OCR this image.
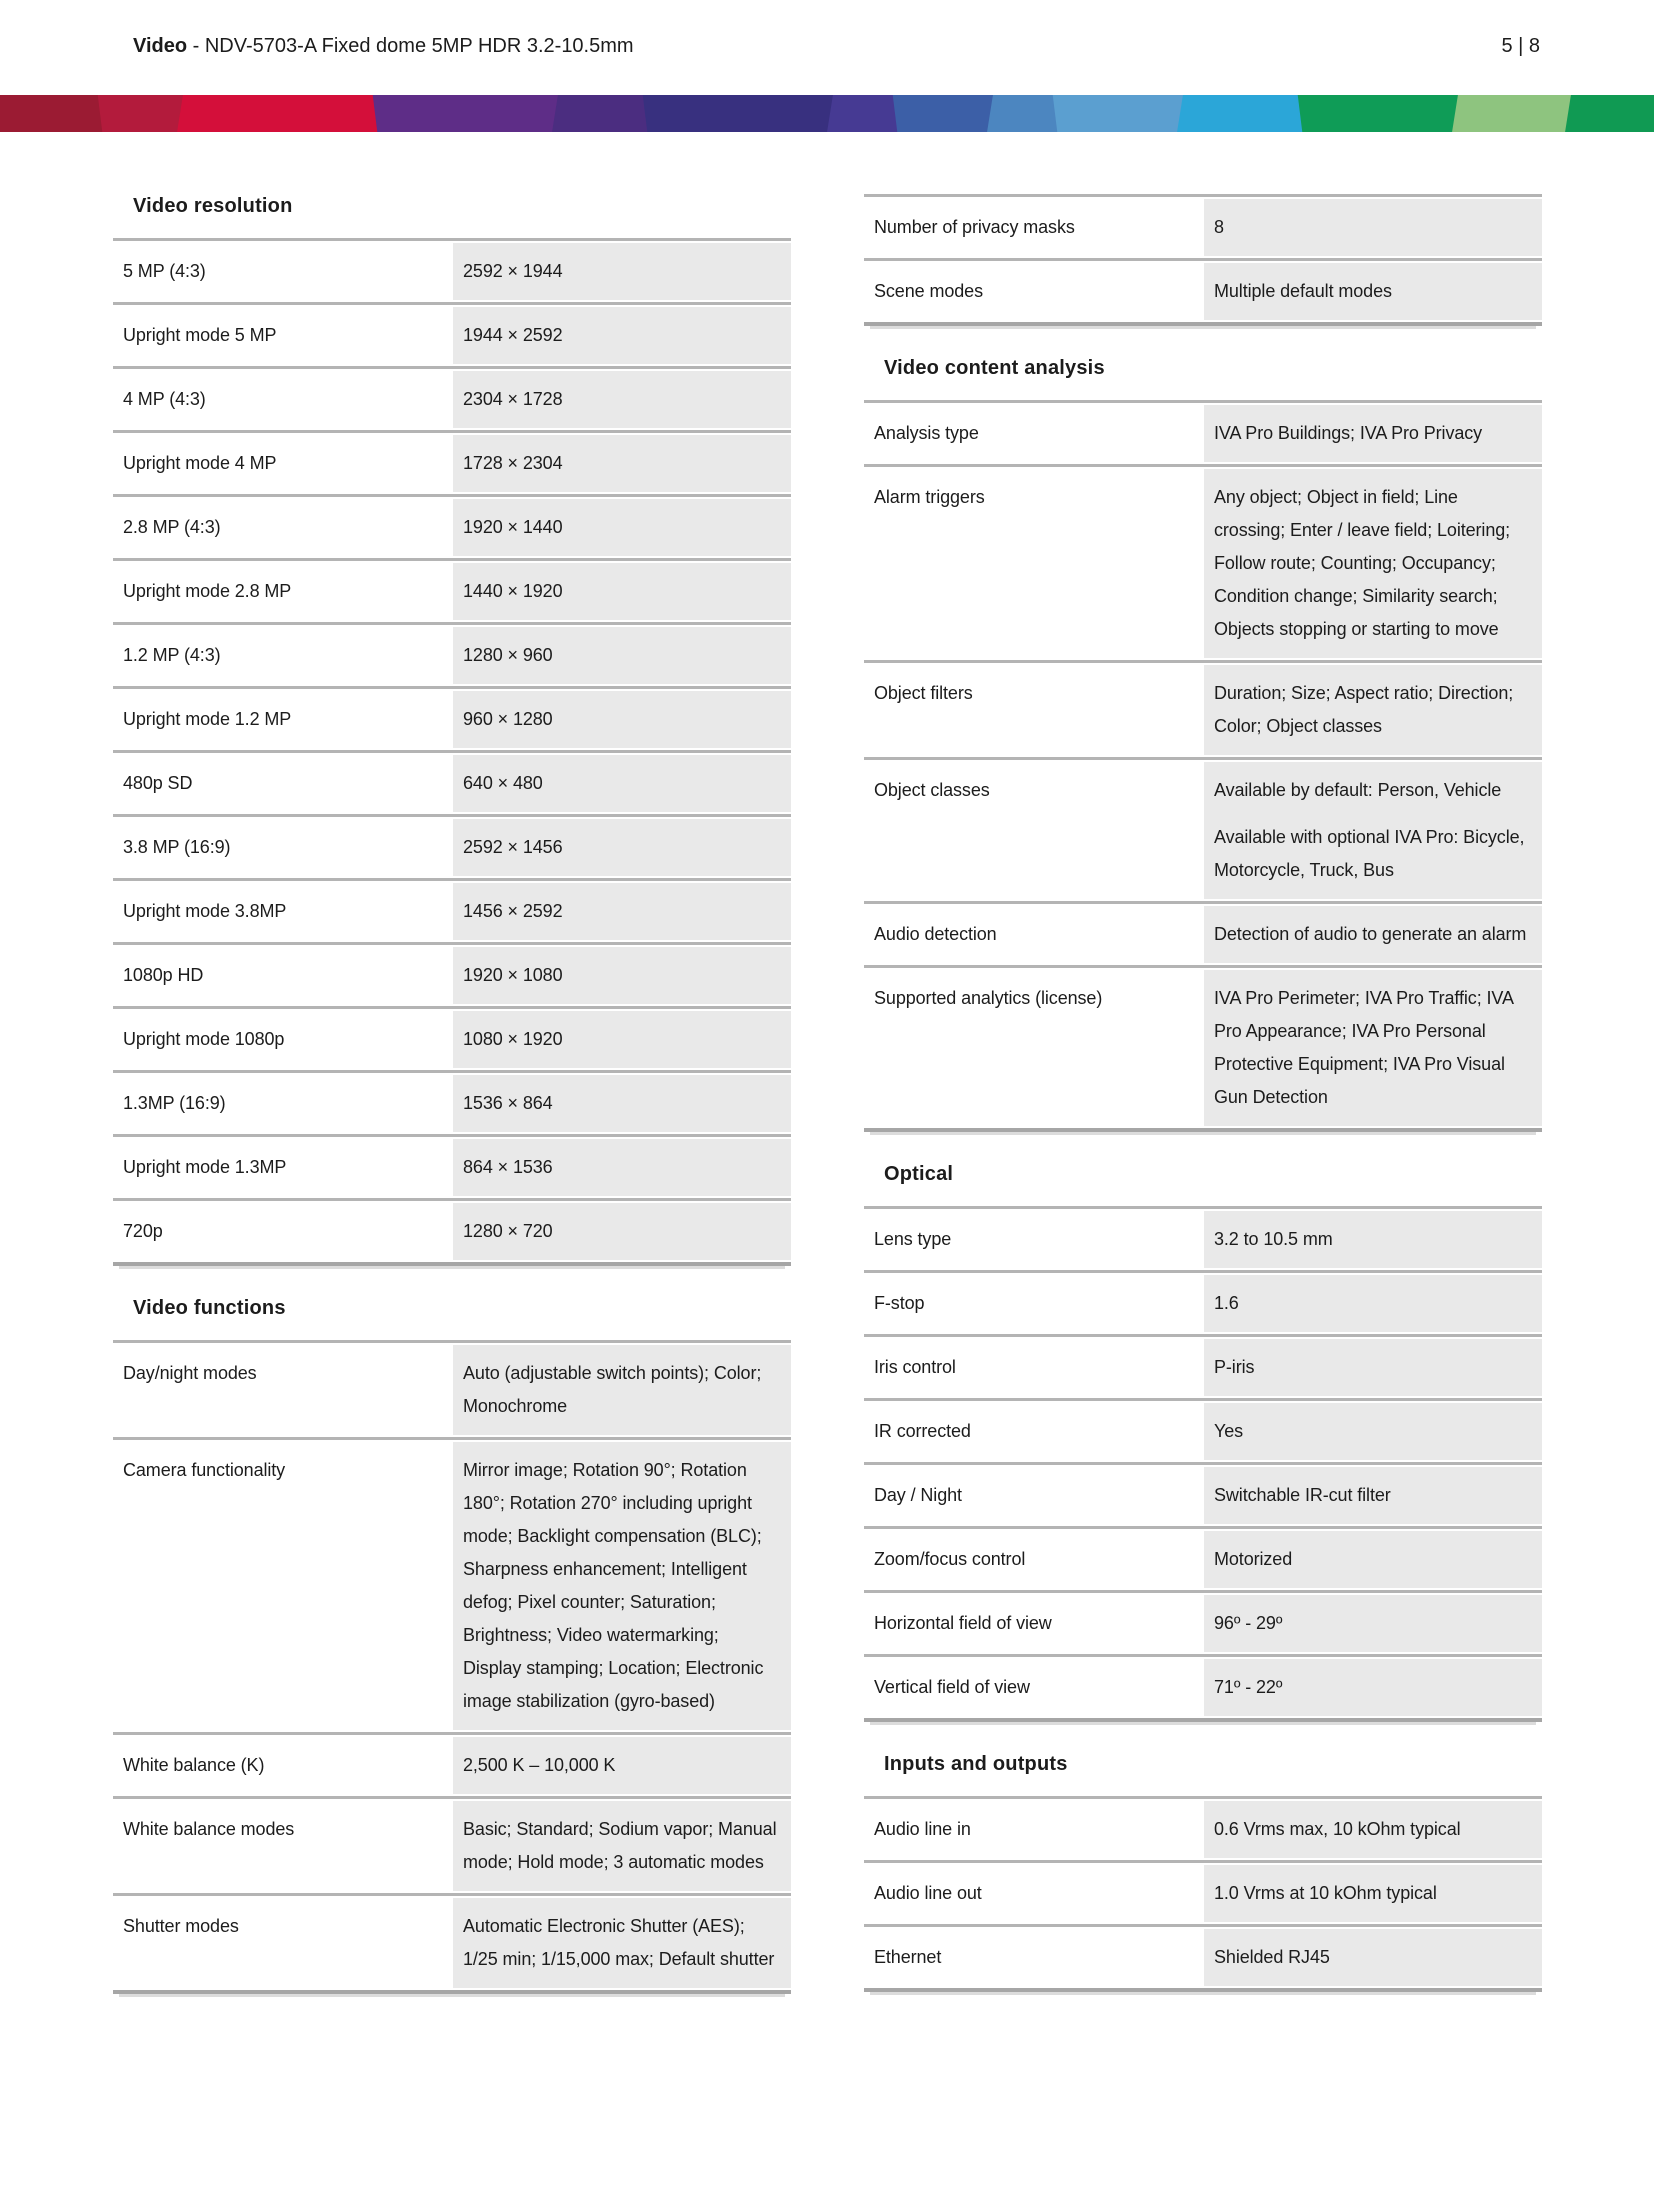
Video - NDV-5703-A Fixed dome 5MP HDR 3.2-10.5mm	5 | 8
Video resolution
5 MP (4:3)	2592 × 1944
Upright mode 5 MP	1944 × 2592
4 MP (4:3)	2304 × 1728
Upright mode 4 MP	1728 × 2304
2.8 MP (4:3)	1920 × 1440
Upright mode 2.8 MP	1440 × 1920
1.2 MP (4:3)	1280 × 960
Upright mode 1.2 MP	960 × 1280
480p SD	640 × 480
3.8 MP (16:9)	2592 × 1456
Upright mode 3.8MP	1456 × 2592
1080p HD	1920 × 1080
Upright mode 1080p	1080 × 1920
1.3MP (16:9)	1536 × 864
Upright mode 1.3MP	864 × 1536
720p	1280 × 720
Video functions
Day/night modes	Auto (adjustable switch points); Color; Monochrome
Camera functionality	Mirror image; Rotation 90°; Rotation 180°; Rotation 270° including upright mode; Backlight compensation (BLC); Sharpness enhancement; Intelligent defog; Pixel counter; Saturation; Brightness; Video watermarking; Display stamping; Location; Electronic image stabilization (gyro-based)
White balance (K)	2,500 K – 10,000 K
White balance modes	Basic; Standard; Sodium vapor; Manual mode; Hold mode; 3 automatic modes
Shutter modes	Automatic Electronic Shutter (AES); 1/25 min; 1/15,000 max; Default shutter
Number of privacy masks	8
Scene modes	Multiple default modes
Video content analysis
Analysis type	IVA Pro Buildings; IVA Pro Privacy
Alarm triggers	Any object; Object in field; Line crossing; Enter / leave field; Loitering; Follow route; Counting; Occupancy; Condition change; Similarity search; Objects stopping or starting to move
Object filters	Duration; Size; Aspect ratio; Direction; Color; Object classes
Object classes	Available by default: Person, Vehicle

Available with optional IVA Pro: Bicycle, Motorcycle, Truck, Bus

Audio detection	Detection of audio to generate an alarm
Supported analytics (license)	IVA Pro Perimeter; IVA Pro Traffic; IVA Pro Appearance; IVA Pro Personal Protective Equipment; IVA Pro Visual Gun Detection
Optical
Lens type	3.2 to 10.5 mm
F-stop	1.6
Iris control	P-iris
IR corrected	Yes
Day / Night	Switchable IR-cut filter
Zoom/focus control	Motorized
Horizontal field of view	96º - 29º
Vertical field of view	71º - 22º
Inputs and outputs
Audio line in	0.6 Vrms max, 10 kOhm typical
Audio line out	1.0 Vrms at 10 kOhm typical
Ethernet	Shielded RJ45
